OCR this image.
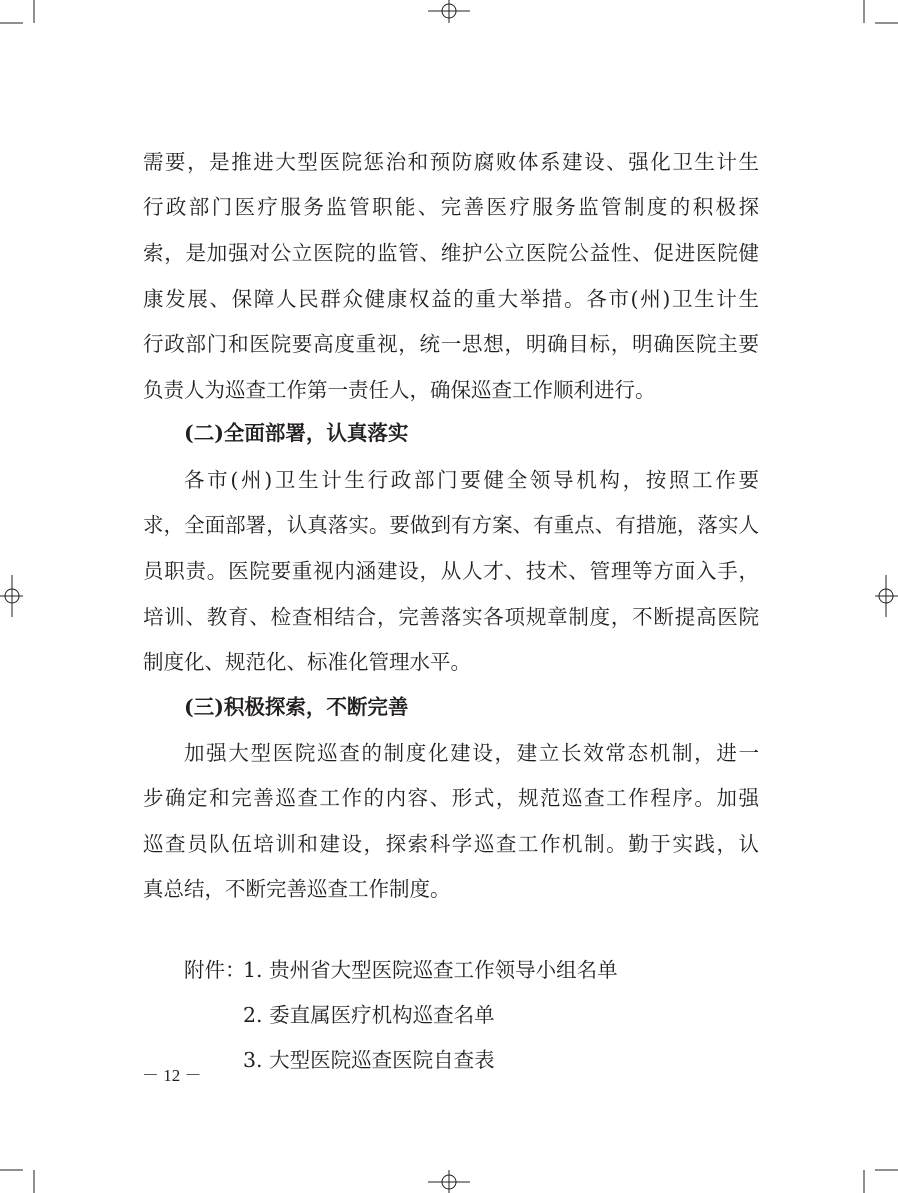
需要，是推进大型医院惩治和预防腐败体系建设、强化卫生计生
行政部门医疗服务监管职能、完善医疗服务监管制度的积极探
索，是加强对公立医院的监管、维护公立医院公益性、促进医院健
康发展、保障人民群众健康权益的重大举措。各市(州)卫生计生
行政部门和医院要高度重视，统一思想，明确目标，明确医院主要
负责人为巡查工作第一责任人，确保巡查工作顺利进行。
(二)全面部署，认真落实
各市(州)卫生计生行政部门要健全领导机构，按照工作要
求，全面部署，认真落实。要做到有方案、有重点、有措施，落实人
员职责。医院要重视内涵建设，从人才、技术、管理等方面入手，
培训、教育、检查相结合，完善落实各项规章制度，不断提高医院
制度化、规范化、标准化管理水平。
(三)积极探索，不断完善
加强大型医院巡查的制度化建设，建立长效常态机制，进一
步确定和完善巡查工作的内容、形式，规范巡查工作程序。加强
巡查员队伍培训和建设，探索科学巡查工作机制。勤于实践，认
真总结，不断完善巡查工作制度。
附件：
1. 贵州省大型医院巡查工作领导小组名单
2. 委直属医疗机构巡查名单
3. 大型医院巡查医院自查表
－ 12 －
